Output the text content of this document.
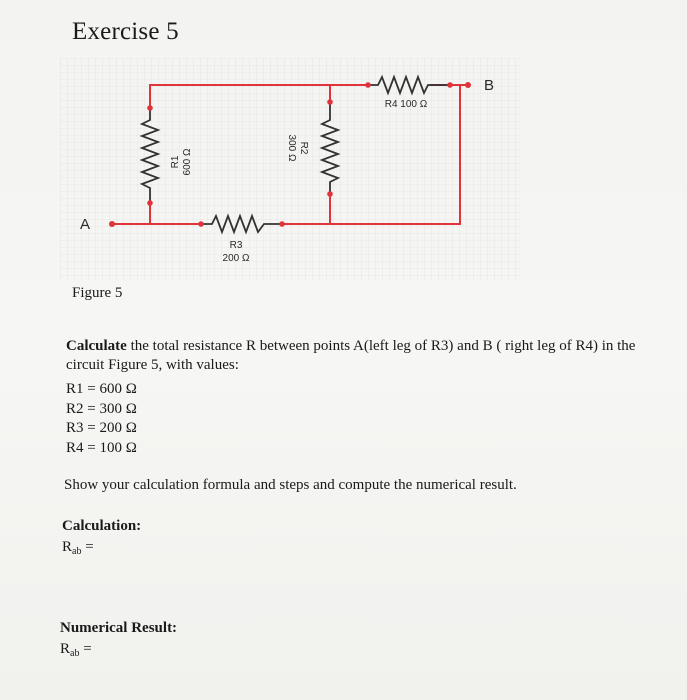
Exercise 5
R1 600 Ω
R2
300 Ω
R3
200 Ω
R4 100 Ω
A
B
Figure 5
Calculate the total resistance R between points A(left leg of R3) and B ( right leg of R4) in the circuit Figure 5, with values:
R1 = 600 Ω
R2 = 300 Ω
R3 = 200 Ω
R4 = 100 Ω
Show your calculation formula and steps and compute the numerical result.
Calculation:
$R_{ab}$ =
Numerical Result:
$R_{ab}$ =
